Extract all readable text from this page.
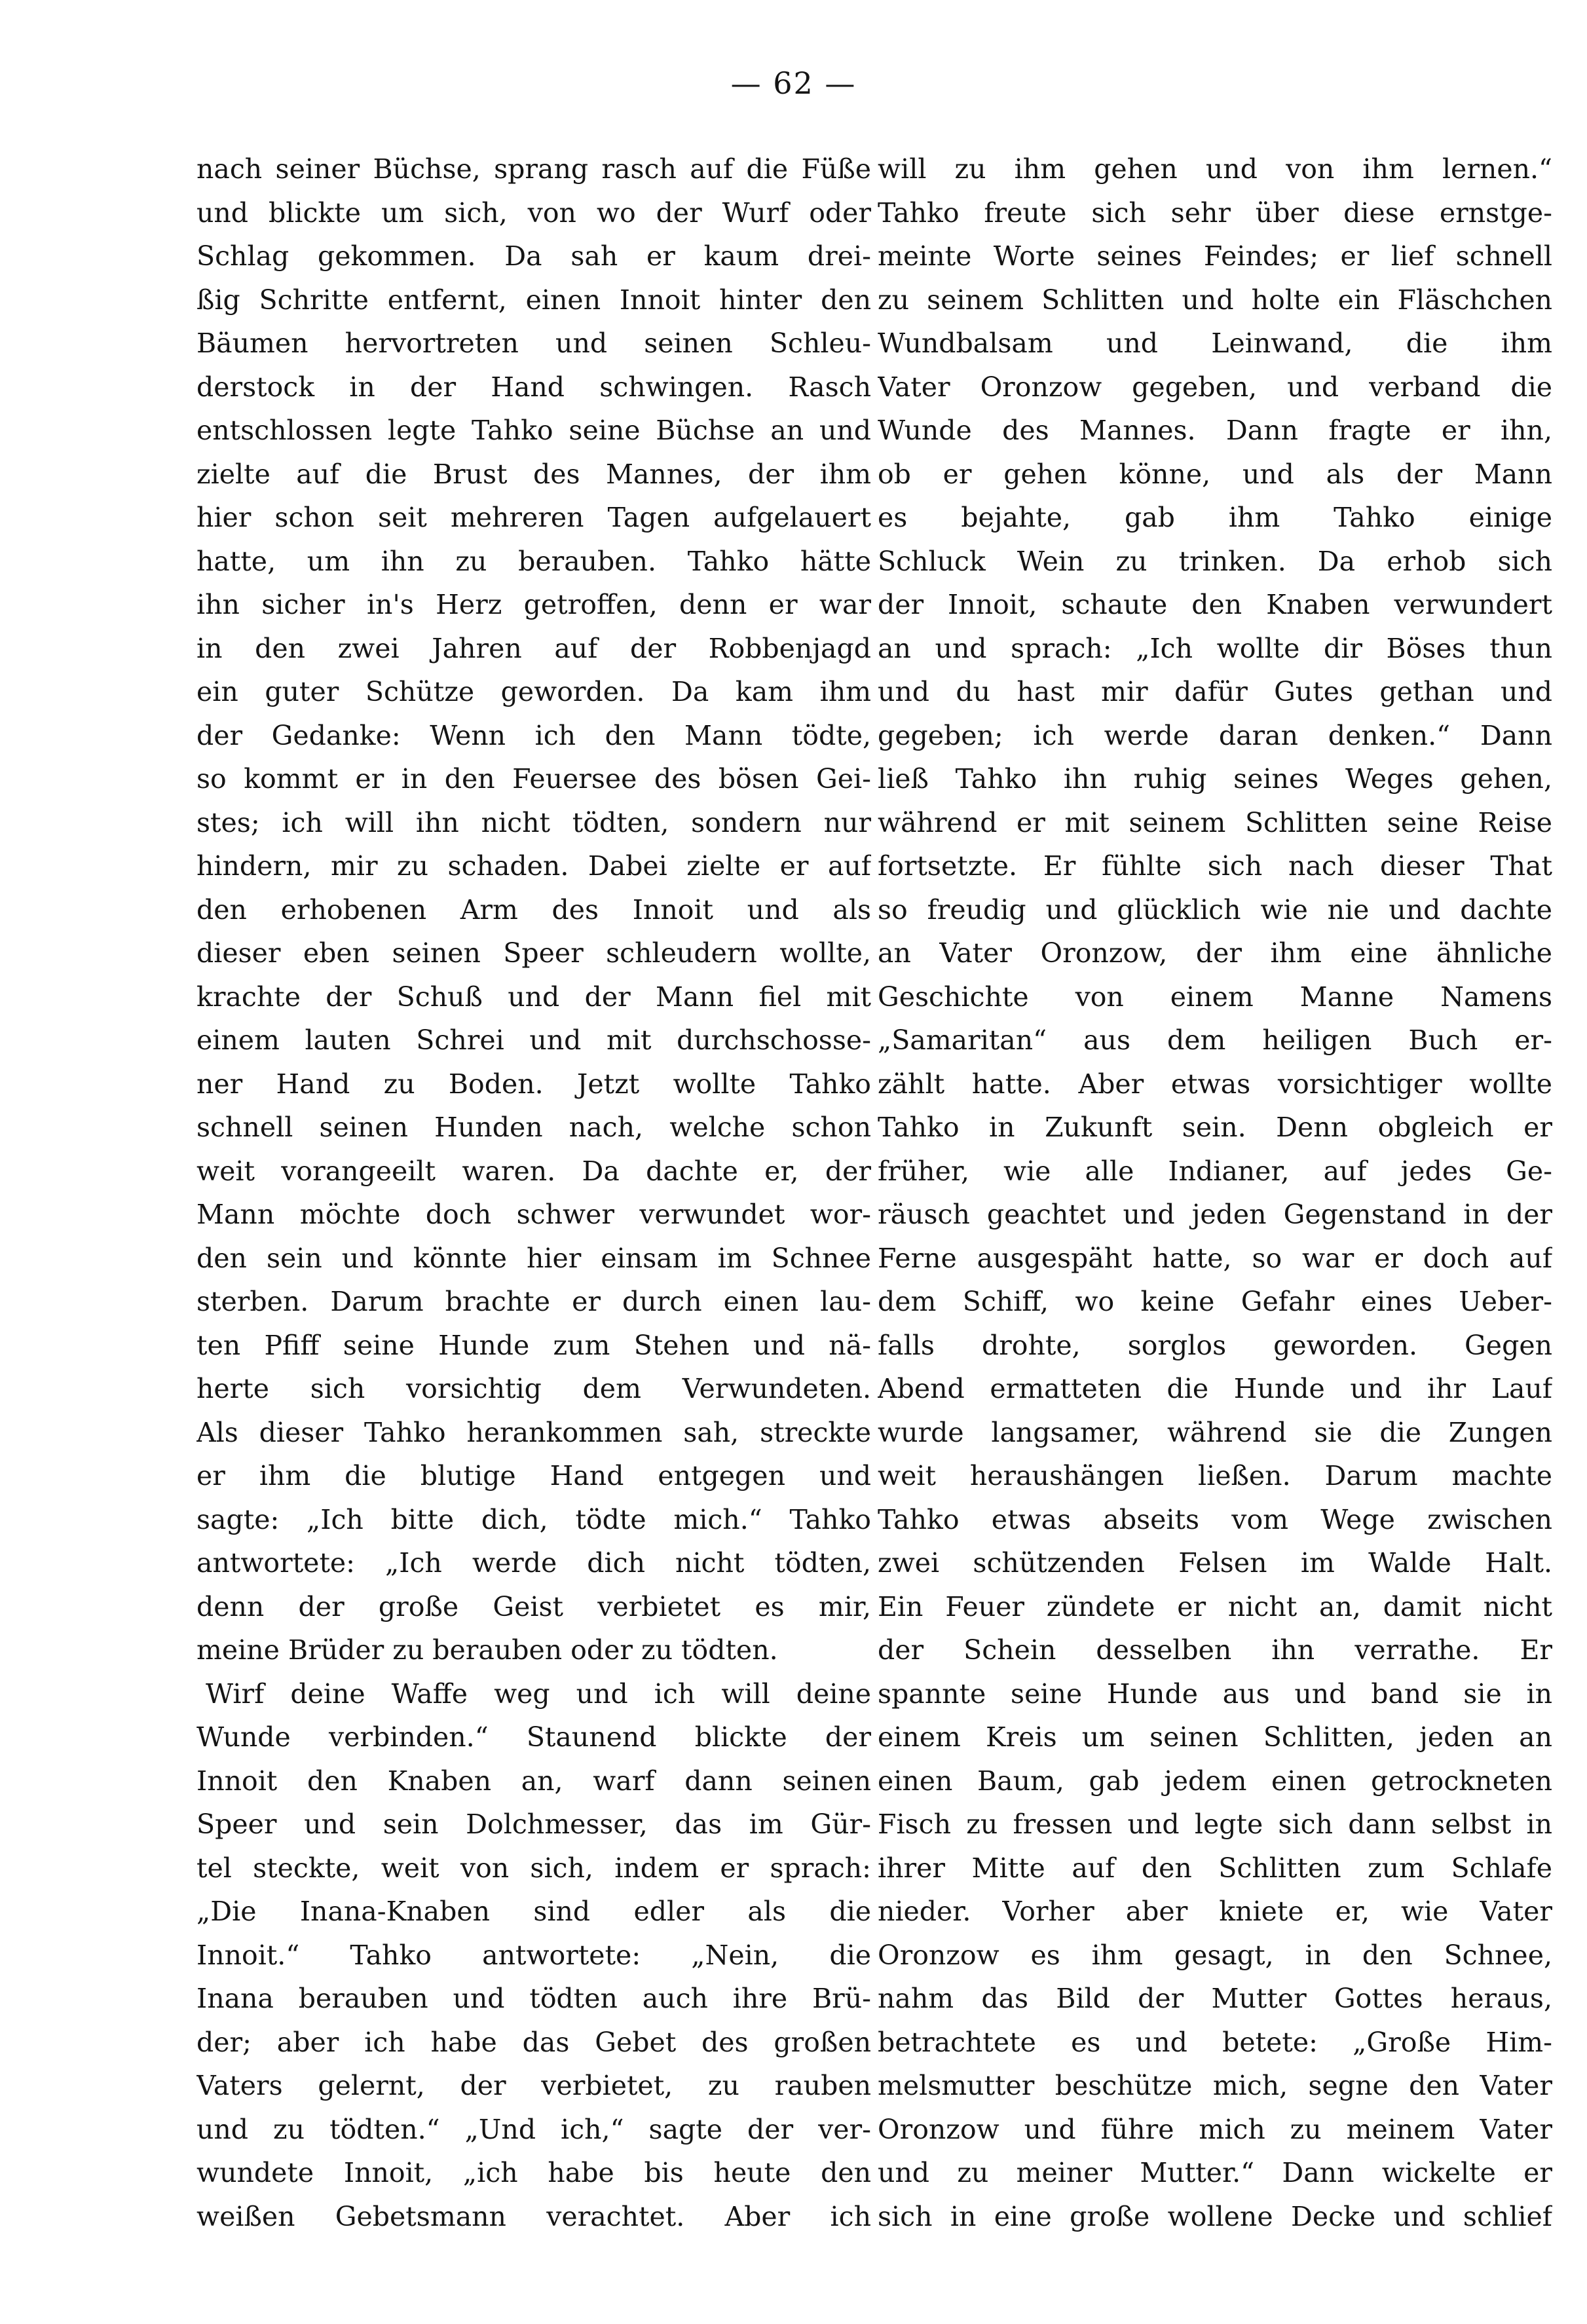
— 62 —
nach seiner Büchse, sprang rasch auf die Füße
und blickte um sich, von wo der Wurf oder
Schlag gekommen. Da sah er kaum drei-
ßig Schritte entfernt, einen Innoit hinter den
Bäumen hervortreten und seinen Schleu-
derstock in der Hand schwingen. Rasch
entschlossen legte Tahko seine Büchse an und
zielte auf die Brust des Mannes, der ihm
hier schon seit mehreren Tagen aufgelauert
hatte, um ihn zu berauben. Tahko hätte
ihn sicher in's Herz getroffen, denn er war
in den zwei Jahren auf der Robbenjagd
ein guter Schütze geworden. Da kam ihm
der Gedanke: Wenn ich den Mann tödte,
so kommt er in den Feuersee des bösen Gei-
stes; ich will ihn nicht tödten, sondern nur
hindern, mir zu schaden. Dabei zielte er auf
den erhobenen Arm des Innoit und als
dieser eben seinen Speer schleudern wollte,
krachte der Schuß und der Mann fiel mit
einem lauten Schrei und mit durchschosse-
ner Hand zu Boden. Jetzt wollte Tahko
schnell seinen Hunden nach, welche schon
weit vorangeeilt waren. Da dachte er, der
Mann möchte doch schwer verwundet wor-
den sein und könnte hier einsam im Schnee
sterben. Darum brachte er durch einen lau-
ten Pfiff seine Hunde zum Stehen und nä-
herte sich vorsichtig dem Verwundeten.
Als dieser Tahko herankommen sah, streckte
er ihm die blutige Hand entgegen und
sagte: „Ich bitte dich, tödte mich.“ Tahko
antwortete: „Ich werde dich nicht tödten,
denn der große Geist verbietet es mir,
meine Brüder zu berauben oder zu tödten.
Wirf deine Waffe weg und ich will deine
Wunde verbinden.“ Staunend blickte der
Innoit den Knaben an, warf dann seinen
Speer und sein Dolchmesser, das im Gür-
tel steckte, weit von sich, indem er sprach:
„Die Inana-Knaben sind edler als die
Innoit.“ Tahko antwortete: „Nein, die
Inana berauben und tödten auch ihre Brü-
der; aber ich habe das Gebet des großen
Vaters gelernt, der verbietet, zu rauben
und zu tödten.“ „Und ich,“ sagte der ver-
wundete Innoit, „ich habe bis heute den
weißen Gebetsmann verachtet. Aber ich
will zu ihm gehen und von ihm lernen.“
Tahko freute sich sehr über diese ernstge-
meinte Worte seines Feindes; er lief schnell
zu seinem Schlitten und holte ein Fläschchen
Wundbalsam und Leinwand, die ihm
Vater Oronzow gegeben, und verband die
Wunde des Mannes. Dann fragte er ihn,
ob er gehen könne, und als der Mann
es bejahte, gab ihm Tahko einige
Schluck Wein zu trinken. Da erhob sich
der Innoit, schaute den Knaben verwundert
an und sprach: „Ich wollte dir Böses thun
und du hast mir dafür Gutes gethan und
gegeben; ich werde daran denken.“ Dann
ließ Tahko ihn ruhig seines Weges gehen,
während er mit seinem Schlitten seine Reise
fortsetzte. Er fühlte sich nach dieser That
so freudig und glücklich wie nie und dachte
an Vater Oronzow, der ihm eine ähnliche
Geschichte von einem Manne Namens
„Samaritan“ aus dem heiligen Buch er-
zählt hatte. Aber etwas vorsichtiger wollte
Tahko in Zukunft sein. Denn obgleich er
früher, wie alle Indianer, auf jedes Ge-
räusch geachtet und jeden Gegenstand in der
Ferne ausgespäht hatte, so war er doch auf
dem Schiff, wo keine Gefahr eines Ueber-
falls drohte, sorglos geworden. Gegen
Abend ermatteten die Hunde und ihr Lauf
wurde langsamer, während sie die Zungen
weit heraushängen ließen. Darum machte
Tahko etwas abseits vom Wege zwischen
zwei schützenden Felsen im Walde Halt.
Ein Feuer zündete er nicht an, damit nicht
der Schein desselben ihn verrathe. Er
spannte seine Hunde aus und band sie in
einem Kreis um seinen Schlitten, jeden an
einen Baum, gab jedem einen getrockneten
Fisch zu fressen und legte sich dann selbst in
ihrer Mitte auf den Schlitten zum Schlafe
nieder. Vorher aber kniete er, wie Vater
Oronzow es ihm gesagt, in den Schnee,
nahm das Bild der Mutter Gottes heraus,
betrachtete es und betete: „Große Him-
melsmutter beschütze mich, segne den Vater
Oronzow und führe mich zu meinem Vater
und zu meiner Mutter.“ Dann wickelte er
sich in eine große wollene Decke und schlief
